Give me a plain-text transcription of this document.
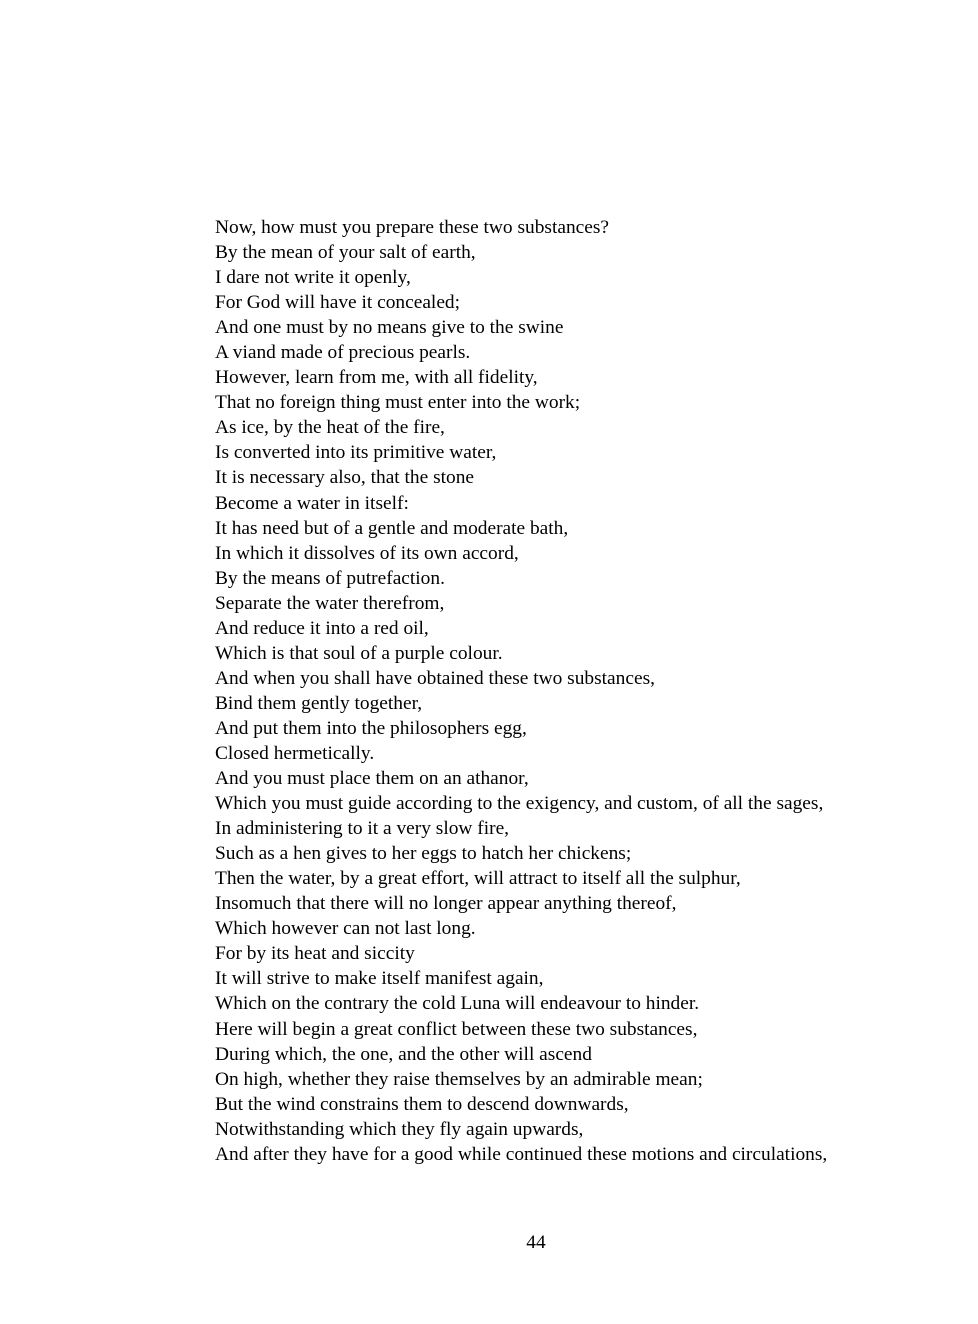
Now, how must you prepare these two substances?
By the mean of your salt of earth,
I dare not write it openly,
For God will have it concealed;
And one must by no means give to the swine
A viand made of precious pearls.
However, learn from me, with all fidelity,
That no foreign thing must enter into the work;
As ice, by the heat of the fire,
Is converted into its primitive water,
It is necessary also, that the stone
Become a water in itself:
It has need but of a gentle and moderate bath,
In which it dissolves of its own accord,
By the means of putrefaction.
Separate the water therefrom,
And reduce it into a red oil,
Which is that soul of a purple colour.
And when you shall have obtained these two substances,
Bind them gently together,
And put them into the philosophers egg,
Closed hermetically.
And you must place them on an athanor,
Which you must guide according to the exigency, and custom, of all the sages,
In administering to it a very slow fire,
Such as a hen gives to her eggs to hatch her chickens;
Then the water, by a great effort, will attract to itself all the sulphur,
Insomuch that there will no longer appear anything thereof,
Which however can not last long.
For by its heat and siccity
It will strive to make itself manifest again,
Which on the contrary the cold Luna will endeavour to hinder.
Here will begin a great conflict between these two substances,
During which, the one, and the other will ascend
On high, whether they raise themselves by an admirable mean;
But the wind constrains them to descend downwards,
Notwithstanding which they fly again upwards,
And after they have for a good while continued these motions and circulations,
44
